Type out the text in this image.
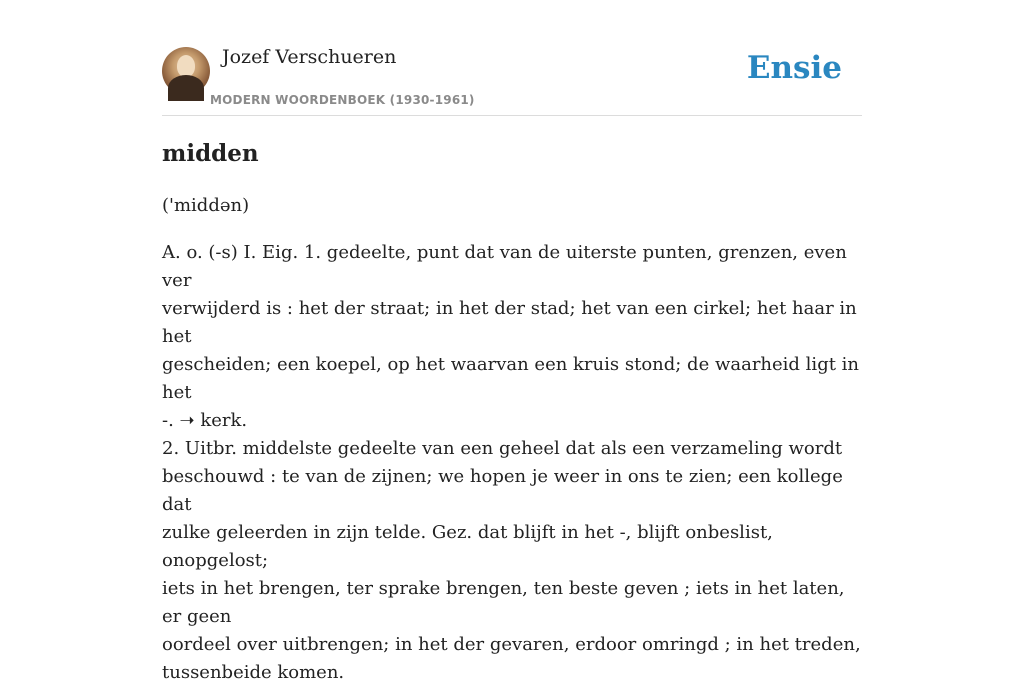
Jozef Verschueren
MODERN WOORDENBOEK (1930-1961)
Ensie
midden
('middən)
A. o. (-s) I. Eig. 1. gedeelte, punt dat van de uiterste punten, grenzen, even ver
verwijderd is : het der straat; in het der stad; het van een cirkel; het haar in het
gescheiden; een koepel, op het waarvan een kruis stond; de waarheid ligt in het
-. ➝ kerk.
2. Uitbr. middelste gedeelte van een geheel dat als een verzameling wordt
beschouwd : te van de zijnen; we hopen je weer in ons te zien; een kollege dat
zulke geleerden in zijn telde. Gez. dat blijft in het -, blijft onbeslist, onopgelost;
iets in het brengen, ter sprake brengen, ten beste geven ; iets in het laten, er geen
oordeel over uitbrengen; in het der gevaren, erdoor omringd ; in het treden,
tussenbeide komen.
